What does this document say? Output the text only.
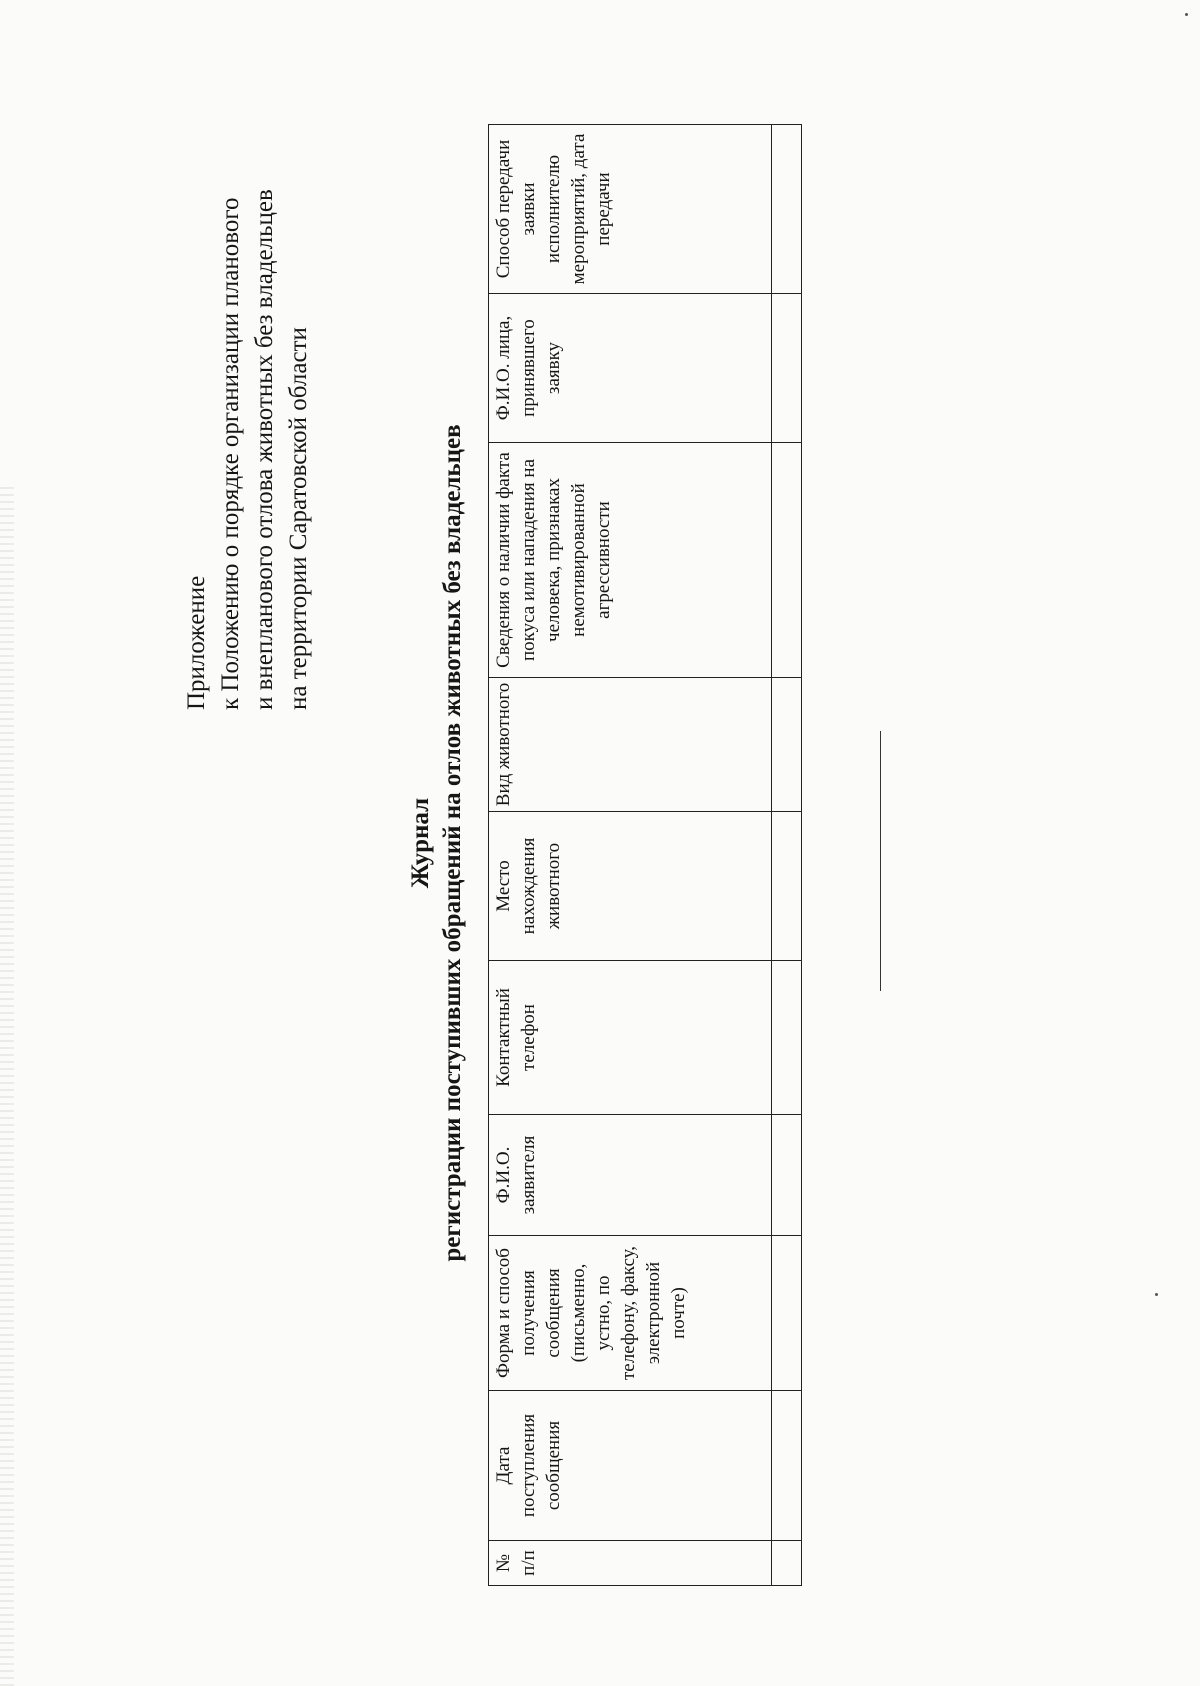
Приложение к Положению о порядке организации планового и внепланового отлова животных без владельцев на территории Саратовской области
Журнал регистрации поступивших обращений на отлов животных без владельцев
№ п/п	Дата поступления сообщения	Форма и способ получения сообщения (письменно, устно, по телефону, факсу, электронной почте)	Ф.И.О. заявителя	Контактный телефон	Место нахождения животного	Вид животного	Сведения о наличии факта покуса или нападения на человека, признаках немотивированной агрессивности	Ф.И.О. лица, принявшего заявку	Способ передачи заявки исполнителю мероприятий, дата передачи
